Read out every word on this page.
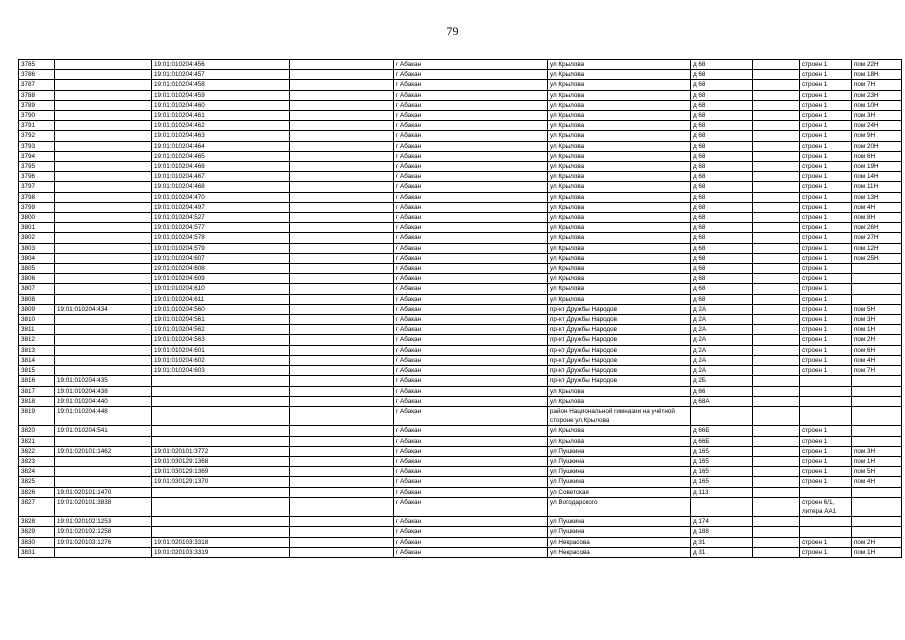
79
3785		19:01:010204:456		г Абакан	ул Крылова	д 68		строен 1	пом 22Н
3786		19:01:010204:457		г Абакан	ул Крылова	д 68		строен 1	пом 18Н
3787		19:01:010204:458		г Абакан	ул Крылова	д 68		строен 1	пом 7Н
3788		19:01:010204:459		г Абакан	ул Крылова	д 68		строен 1	пом 23Н
3789		19:01:010204:460		г Абакан	ул Крылова	д 68		строен 1	пом 10Н
3790		19:01:010204:461		г Абакан	ул Крылова	д 68		строен 1	пом 3Н
3791		19:01:010204:462		г Абакан	ул Крылова	д 68		строен 1	пом 24Н
3792		19:01:010204:463		г Абакан	ул Крылова	д 68		строен 1	пом 9Н
3793		19:01:010204:464		г Абакан	ул Крылова	д 68		строен 1	пом 20Н
3794		19:01:010204:465		г Абакан	ул Крылова	д 68		строен 1	пом 6Н
3795		19:01:010204:466		г Абакан	ул Крылова	д 68		строен 1	пом 19Н
3796		19:01:010204:467		г Абакан	ул Крылова	д 68		строен 1	пом 14Н
3797		19:01:010204:468		г Абакан	ул Крылова	д 68		строен 1	пом 11Н
3798		19:01:010204:470		г Абакан	ул Крылова	д 68		строен 1	пом 13Н
3799		19:01:010204:497		г Абакан	ул Крылова	д 68		строен 1	пом 4Н
3800		19:01:010204:527		г Абакан	ул Крылова	д 68		строен 1	пом 8Н
3801		19:01:010204:577		г Абакан	ул Крылова	д 68		строен 1	пом 26Н
3802		19:01:010204:578		г Абакан	ул Крылова	д 68		строен 1	пом 27Н
3803		19:01:010204:579		г Абакан	ул Крылова	д 68		строен 1	пом 12Н
3804		19:01:010204:607		г Абакан	ул Крылова	д 68		строен 1	пом 25Н
3805		19:01:010204:608		г Абакан	ул Крылова	д 68		строен 1	
3806		19:01:010204:609		г Абакан	ул Крылова	д 68		строен 1	
3807		19:01:010204:610		г Абакан	ул Крылова	д 68		строен 1	
3808		19:01:010204:611		г Абакан	ул Крылова	д 68		строен 1	
3809	19:01:010204:434	19:01:010204:560		г Абакан	пр-кт Дружбы Народов	д 2А		строен 1	пом 5Н
3810		19:01:010204:561		г Абакан	пр-кт Дружбы Народов	д 2А		строен 1	пом 3Н
3811		19:01:010204:562		г Абакан	пр-кт Дружбы Народов	д 2А		строен 1	пом 1Н
3812		19:01:010204:563		г Абакан	пр-кт Дружбы Народов	д 2А		строен 1	пом 2Н
3813		19:01:010204:601		г Абакан	пр-кт Дружбы Народов	д 2А		строен 1	пом 6Н
3814		19:01:010204:602		г Абакан	пр-кт Дружбы Народов	д 2А		строен 1	пом 4Н
3815		19:01:010204:603		г Абакан	пр-кт Дружбы Народов	д 2А		строен 1	пом 7Н
3816	19:01:010204:435			г Абакан	пр-кт Дружбы Народов	д 2Б			
3817	19:01:010204:438			г Абакан	ул Крылова	д 66			
3818	19:01:010204:440			г Абакан	ул Крылова	д 68А			
3819	19:01:010204:448			г Абакан	район Национальной гимназии на учётной стороне ул.Крылова				
3820	19:01:010204:541			г Абакан	ул Крылова	д 66Б		строен 1	
3821				г Абакан	ул Крылова	д 66Б		строен 1	
3822	19:01:020101:1462	19:01:020101:3772		г Абакан	ул Пушкина	д 165		строен 1	пом 3Н
3823		19:01:030129:1368		г Абакан	ул Пушкина	д 165		строен 1	пом 1Н
3824		19:01:030129:1369		г Абакан	ул Пушкина	д 165		строен 1	пом 5Н
3825		19:01:030129:1370		г Абакан	ул Пушкина	д 165		строен 1	пом 4Н
3826	19:01:020101:1470			г Абакан	ул Советская	д 113			
3827	19:01:020101:3838			г Абакан	ул Вогодарского			строен 6/1, литера АА1	
3828	19:01:020102:1253			г Абакан	ул Пушкина	д 174			
3829	19:01:020102:1258			г Абакан	ул Пушкина	д 188			
3830	19:01:020103:1276	19:01:020103:3318		г Абакан	ул Некрасова	д 31		строен 1	пом 2Н
3831		19:01:020103:3319		г Абакан	ул Некрасова	д 31		строен 1	пом 1Н
